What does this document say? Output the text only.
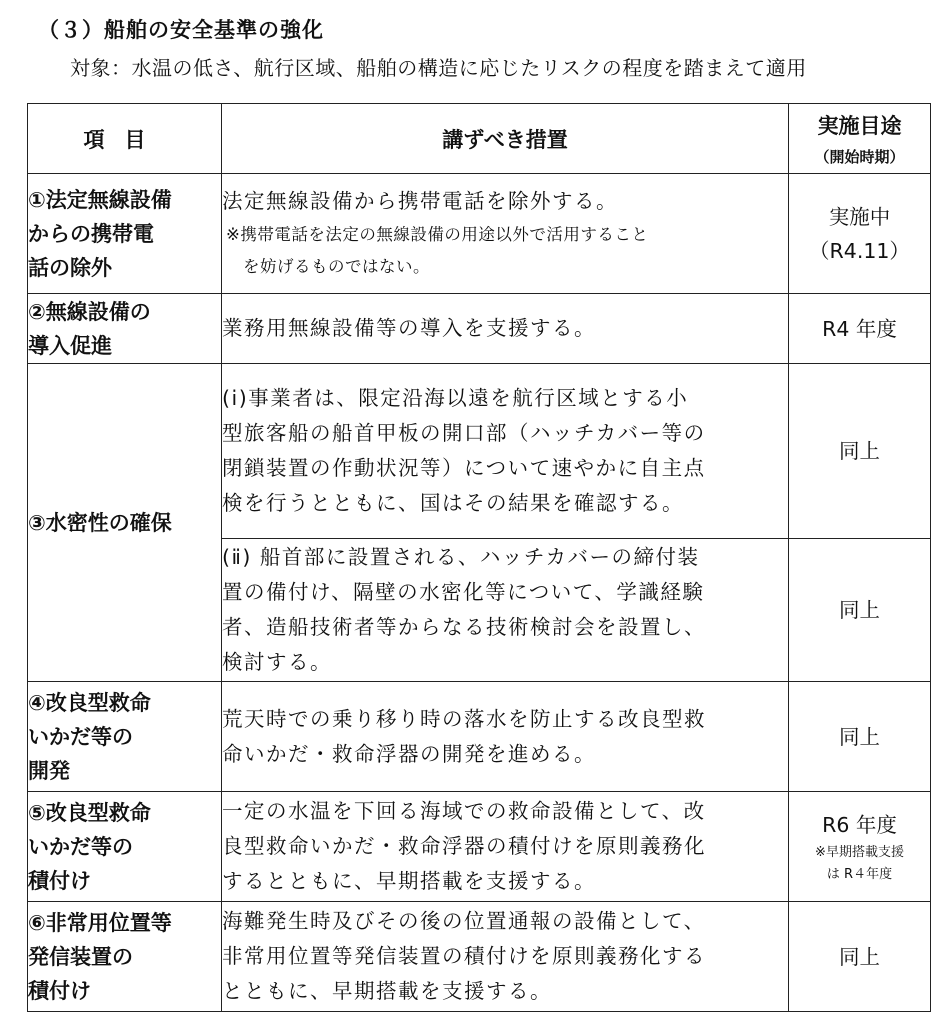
（３）船舶の安全基準の強化
対象：水温の低さ、航行区域、船舶の構造に応じたリスクの程度を踏まえて適用
項目	講ずべき措置	実施目途
（開始時期）

①法定無線設備
からの携帯電
話の除外	法定無線設備から携帯電話を除外する。
※携帯電話を法定の無線設備の用途以外で活用すること
　を妨げるものではない。	実施中
（R4.11）
②無線設備の
導入促進	業務用無線設備等の導入を支援する。	R4 年度
③水密性の確保	(ⅰ)事業者は、限定沿海以遠を航行区域とする小
型旅客船の船首甲板の開口部（ハッチカバー等の
閉鎖装置の作動状況等）について速やかに自主点
検を行うとともに、国はその結果を確認する。	同上
	(ⅱ) 船首部に設置される、ハッチカバーの締付装
置の備付け、隔壁の水密化等について、学識経験
者、造船技術者等からなる技術検討会を設置し、
検討する。	同上
④改良型救命
いかだ等の
開発	荒天時での乗り移り時の落水を防止する改良型救
命いかだ・救命浮器の開発を進める。	同上
⑤改良型救命
いかだ等の
積付け	一定の水温を下回る海域での救命設備として、改
良型救命いかだ・救命浮器の積付けを原則義務化
するとともに、早期搭載を支援する。	R6 年度
※早期搭載支援
は R４年度

⑥非常用位置等
発信装置の
積付け	海難発生時及びその後の位置通報の設備として、
非常用位置等発信装置の積付けを原則義務化する
とともに、早期搭載を支援する。	同上
